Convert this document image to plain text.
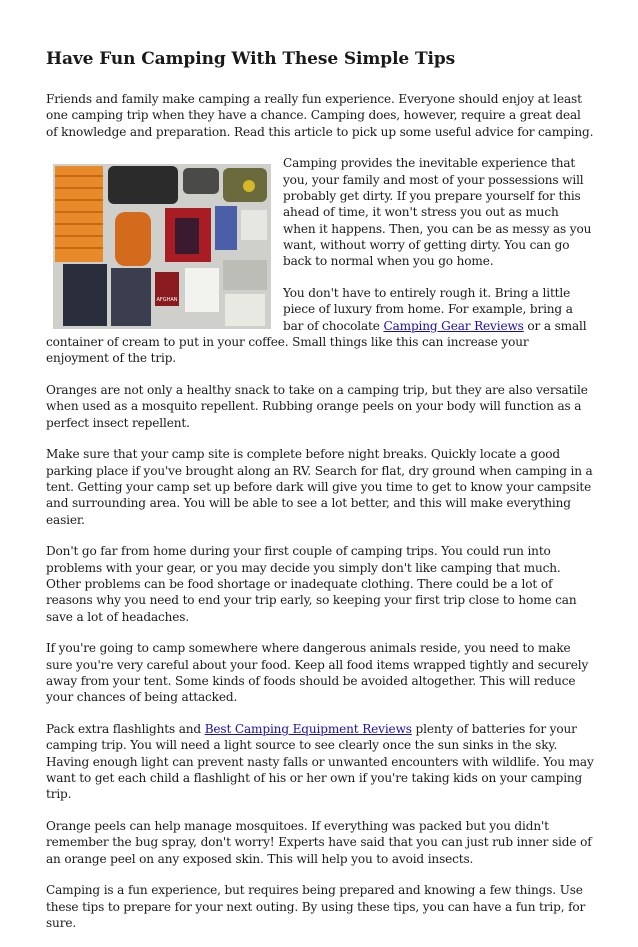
Have Fun Camping With These Simple Tips

Friends and family make camping a really fun experience. Everyone should enjoy at least one camping trip when they have a chance. Camping does, however, require a great deal of knowledge and preparation. Read this article to pick up some useful advice for camping.

AFGHAN

Camping provides the inevitable experience that you, your family and most of your possessions will probably get dirty. If you prepare yourself for this ahead of time, it won't stress you out as much when it happens. Then, you can be as messy as you want, without worry of getting dirty. You can go back to normal when you go home.

You don't have to entirely rough it. Bring a little piece of luxury from home. For example, bring a bar of chocolate Camping Gear Reviews or a small container of cream to put in your coffee. Small things like this can increase your enjoyment of the trip.

Oranges are not only a healthy snack to take on a camping trip, but they are also versatile when used as a mosquito repellent. Rubbing orange peels on your body will function as a perfect insect repellent.

Make sure that your camp site is complete before night breaks. Quickly locate a good parking place if you've brought along an RV. Search for flat, dry ground when camping in a tent. Getting your camp set up before dark will give you time to get to know your campsite and surrounding area. You will be able to see a lot better, and this will make everything easier.

Don't go far from home during your first couple of camping trips. You could run into problems with your gear, or you may decide you simply don't like camping that much. Other problems can be food shortage or inadequate clothing. There could be a lot of reasons why you need to end your trip early, so keeping your first trip close to home can save a lot of headaches.

If you're going to camp somewhere where dangerous animals reside, you need to make sure you're very careful about your food. Keep all food items wrapped tightly and securely away from your tent. Some kinds of foods should be avoided altogether. This will reduce your chances of being attacked.

Pack extra flashlights and Best Camping Equipment Reviews plenty of batteries for your camping trip. You will need a light source to see clearly once the sun sinks in the sky. Having enough light can prevent nasty falls or unwanted encounters with wildlife. You may want to get each child a flashlight of his or her own if you're taking kids on your camping trip.

Orange peels can help manage mosquitoes. If everything was packed but you didn't remember the bug spray, don't worry! Experts have said that you can just rub inner side of an orange peel on any exposed skin. This will help you to avoid insects.

Camping is a fun experience, but requires being prepared and knowing a few things. Use these tips to prepare for your next outing. By using these tips, you can have a fun trip, for sure.
